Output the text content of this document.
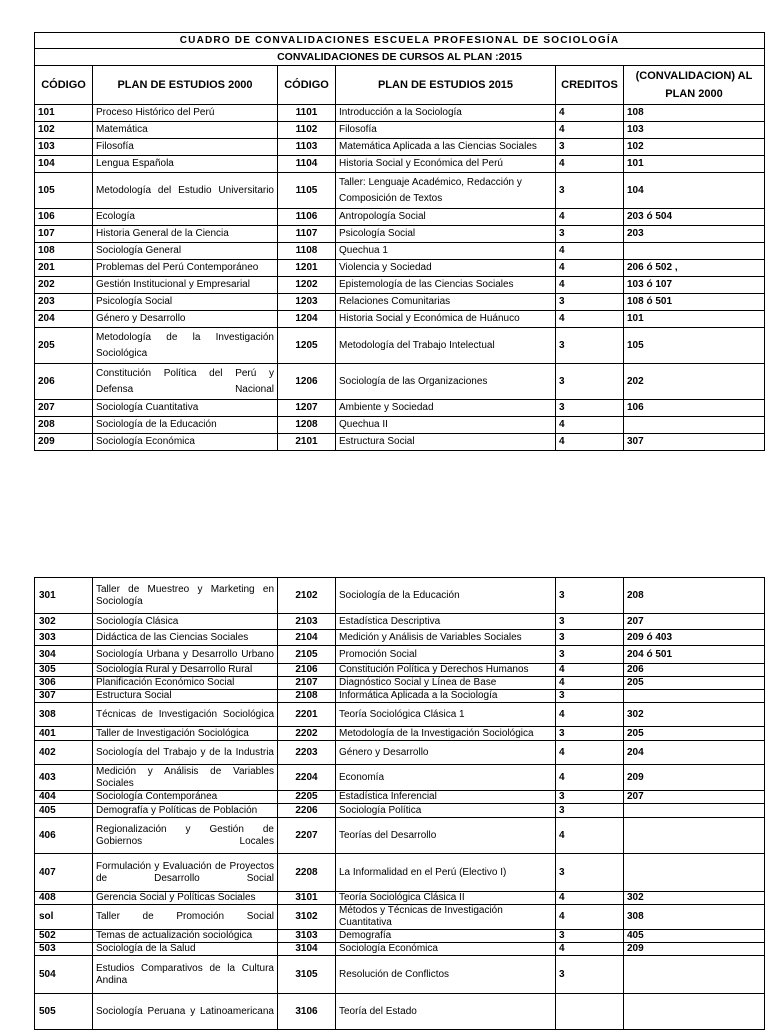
CUADRO DE CONVALIDACIONES ESCUELA PROFESIONAL DE SOCIOLOGÍA					
CONVALIDACIONES DE CURSOS AL PLAN :2015					
CÓDIGO	PLAN DE ESTUDIOS 2000	CÓDIGO	PLAN DE ESTUDIOS 2015	CREDITOS	(CONVALIDACION) AL PLAN 2000
101	Proceso Histórico del Perú	1101	Introducción a la Sociología	4	108
102	Matemática	1102	Filosofía	4	103
103	Filosofía	1103	Matemática Aplicada a las Ciencias Sociales	3	102
104	Lengua Española	1104	Historia Social y Económica del Perú	4	101
105	Metodología del Estudio Universitario	1105	Taller: Lenguaje Académico, Redacción y Composición de Textos	3	104
106	Ecología	1106	Antropología Social	4	203 ó 504
107	Historia General de la Ciencia	1107	Psicología Social	3	203
108	Sociología General	1108	Quechua 1	4	
201	Problemas del Perú Contemporáneo	1201	Violencia y Sociedad	4	206 ó 502 ,
202	Gestión Institucional y Empresarial	1202	Epistemología de las Ciencias Sociales	4	103 ó 107
203	Psicología Social	1203	Relaciones Comunitarias	3	108 ó 501
204	Género y Desarrollo	1204	Historia Social y Económica de Huánuco	4	101
205	Metodología de la Investigación Sociológica	1205	Metodología del Trabajo Intelectual	3	105
206	Constitución Política del Perú y Defensa Nacional	1206	Sociología de las Organizaciones	3	202
207	Sociología Cuantitativa	1207	Ambiente y Sociedad	3	106
208	Sociología de la Educación	1208	Quechua II	4	
209	Sociología Económica	2101	Estructura Social	4	307
301	Taller de Muestreo y Marketing en Sociología	2102	Sociología de la Educación	3	208
302	Sociología Clásica	2103	Estadística Descriptiva	3	207
303	Didáctica de las Ciencias Sociales	2104	Medición y Análisis de Variables Sociales	3	209 ó 403
304	Sociología Urbana y Desarrollo Urbano	2105	Promoción Social	3	204 ó 501
305	Sociología Rural y Desarrollo Rural	2106	Constitución Política y Derechos Humanos	4	206
306	Planificación Económico Social	2107	Diagnóstico Social y Línea de Base	4	205
307	Estructura Social	2108	Informática Aplicada a la Sociología	3	
308	Técnicas de Investigación Sociológica	2201	Teoría Sociológica Clásica 1	4	302
401	Taller de Investigación Sociológica	2202	Metodología de la Investigación Sociológica	3	205
402	Sociología del Trabajo y de la Industria	2203	Género y Desarrollo	4	204
403	Medición y Análisis de Variables Sociales	2204	Economía	4	209
404	Sociología Contemporánea	2205	Estadística Inferencial	3	207
405	Demografía y Políticas de Población	2206	Sociología Política	3	
406	Regionalización y Gestión de Gobiernos Locales	2207	Teorías del Desarrollo	4	
407	Formulación y Evaluación de Proyectos de Desarrollo Social	2208	La Informalidad en el Perú (Electivo I)	3	
408	Gerencia Social y Políticas Sociales	3101	Teoría Sociológica Clásica II	4	302
sol	Taller de Promoción Social	3102	Métodos y Técnicas de Investigación Cuantitativa	4	308
502	Temas de actualización sociológica	3103	Demografía	3	405
503	Sociología de la Salud	3104	Sociología Económica	4	209
504	Estudios Comparativos de la Cultura Andina	3105	Resolución de Conflictos	3	
505	Sociología Peruana y Latinoamericana	3106	Teoría del Estado		
